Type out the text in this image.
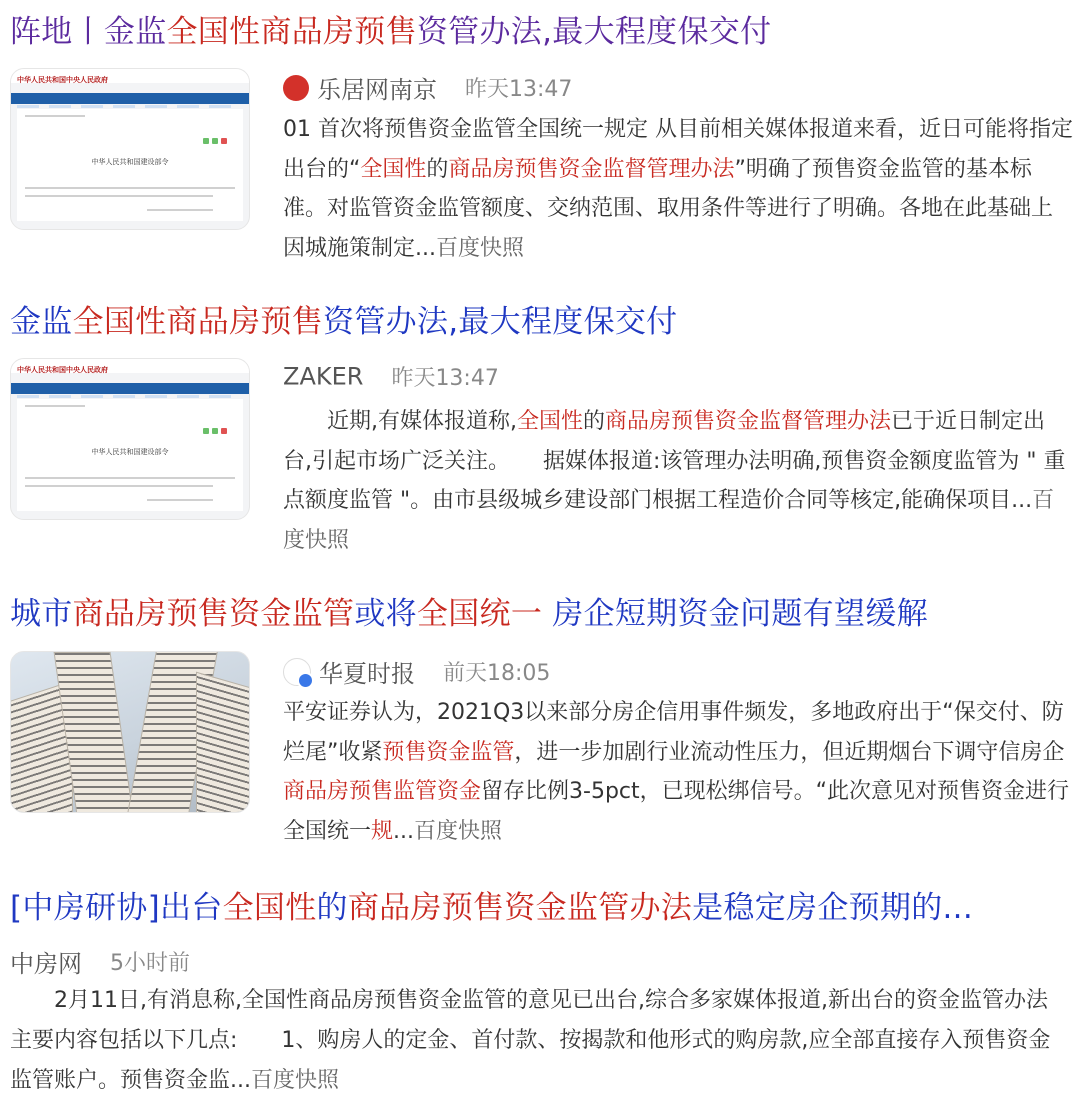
阵地丨金监全国性商品房预售资管办法,最大程度保交付
中华人民共和国中央人民政府
中华人民共和国建设部令
乐居网南京 昨天13:47
01 首次将预售资金监管全国统一规定 从目前相关媒体报道来看，近日可能将指定出台的“全国性的商品房预售资金监督管理办法”明确了预售资金监管的基本标准。对监管资金监管额度、交纳范围、取用条件等进行了明确。各地在此基础上因城施策制定...百度快照
金监全国性商品房预售资管办法,最大程度保交付
中华人民共和国中央人民政府
中华人民共和国建设部令
ZAKER 昨天13:47
　　近期,有媒体报道称,全国性的商品房预售资金监督管理办法已于近日制定出台,引起市场广泛关注。　　据媒体报道:该管理办法明确,预售资金额度监管为 " 重点额度监管 "。由市县级城乡建设部门根据工程造价合同等核定,能确保项目...百度快照
城市商品房预售资金监管或将全国统一 房企短期资金问题有望缓解
华夏时报 前天18:05
平安证券认为，2021Q3以来部分房企信用事件频发，多地政府出于“保交付、防烂尾”收紧预售资金监管，进一步加剧行业流动性压力，但近期烟台下调守信房企商品房预售监管资金留存比例3-5pct，已现松绑信号。“此次意见对预售资金进行全国统一规...百度快照
[中房研协]出台全国性的商品房预售资金监管办法是稳定房企预期的...
中房网 5小时前
　　2月11日,有消息称,全国性商品房预售资金监管的意见已出台,综合多家媒体报道,新出台的资金监管办法主要内容包括以下几点:　　1、购房人的定金、首付款、按揭款和他形式的购房款,应全部直接存入预售资金监管账户。预售资金监...百度快照
